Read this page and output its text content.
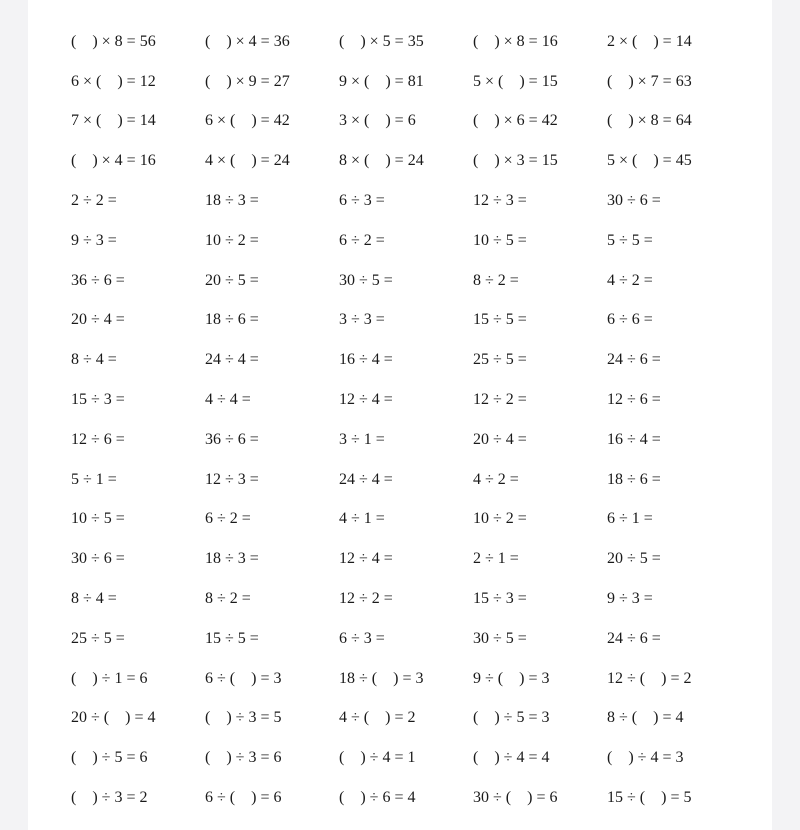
(    ) × 8 = 56	(    ) × 4 = 36	(    ) × 5 = 35	(    ) × 8 = 16	2 × (    ) = 14
6 × (    ) = 12	(    ) × 9 = 27	9 × (    ) = 81	5 × (    ) = 15	(    ) × 7 = 63
7 × (    ) = 14	6 × (    ) = 42	3 × (    ) = 6	(    ) × 6 = 42	(    ) × 8 = 64
(    ) × 4 = 16	4 × (    ) = 24	8 × (    ) = 24	(    ) × 3 = 15	5 × (    ) = 45
2 ÷ 2 =	18 ÷ 3 =	6 ÷ 3 =	12 ÷ 3 =	30 ÷ 6 =
9 ÷ 3 =	10 ÷ 2 =	6 ÷ 2 =	10 ÷ 5 =	5 ÷ 5 =
36 ÷ 6 =	20 ÷ 5 =	30 ÷ 5 =	8 ÷ 2 =	4 ÷ 2 =
20 ÷ 4 =	18 ÷ 6 =	3 ÷ 3 =	15 ÷ 5 =	6 ÷ 6 =
8 ÷ 4 =	24 ÷ 4 =	16 ÷ 4 =	25 ÷ 5 =	24 ÷ 6 =
15 ÷ 3 =	4 ÷ 4 =	12 ÷ 4 =	12 ÷ 2 =	12 ÷ 6 =
12 ÷ 6 =	36 ÷ 6 =	3 ÷ 1 =	20 ÷ 4 =	16 ÷ 4 =
5 ÷ 1 =	12 ÷ 3 =	24 ÷ 4 =	4 ÷ 2 =	18 ÷ 6 =
10 ÷ 5 =	6 ÷ 2 =	4 ÷ 1 =	10 ÷ 2 =	6 ÷ 1 =
30 ÷ 6 =	18 ÷ 3 =	12 ÷ 4 =	2 ÷ 1 =	20 ÷ 5 =
8 ÷ 4 =	8 ÷ 2 =	12 ÷ 2 =	15 ÷ 3 =	9 ÷ 3 =
25 ÷ 5 =	15 ÷ 5 =	6 ÷ 3 =	30 ÷ 5 =	24 ÷ 6 =
(    ) ÷ 1 = 6	6 ÷ (    ) = 3	18 ÷ (    ) = 3	9 ÷ (    ) = 3	12 ÷ (    ) = 2
20 ÷ (    ) = 4	(    ) ÷ 3 = 5	4 ÷ (    ) = 2	(    ) ÷ 5 = 3	8 ÷ (    ) = 4
(    ) ÷ 5 = 6	(    ) ÷ 3 = 6	(    ) ÷ 4 = 1	(    ) ÷ 4 = 4	(    ) ÷ 4 = 3
(    ) ÷ 3 = 2	6 ÷ (    ) = 6	(    ) ÷ 6 = 4	30 ÷ (    ) = 6	15 ÷ (    ) = 5
